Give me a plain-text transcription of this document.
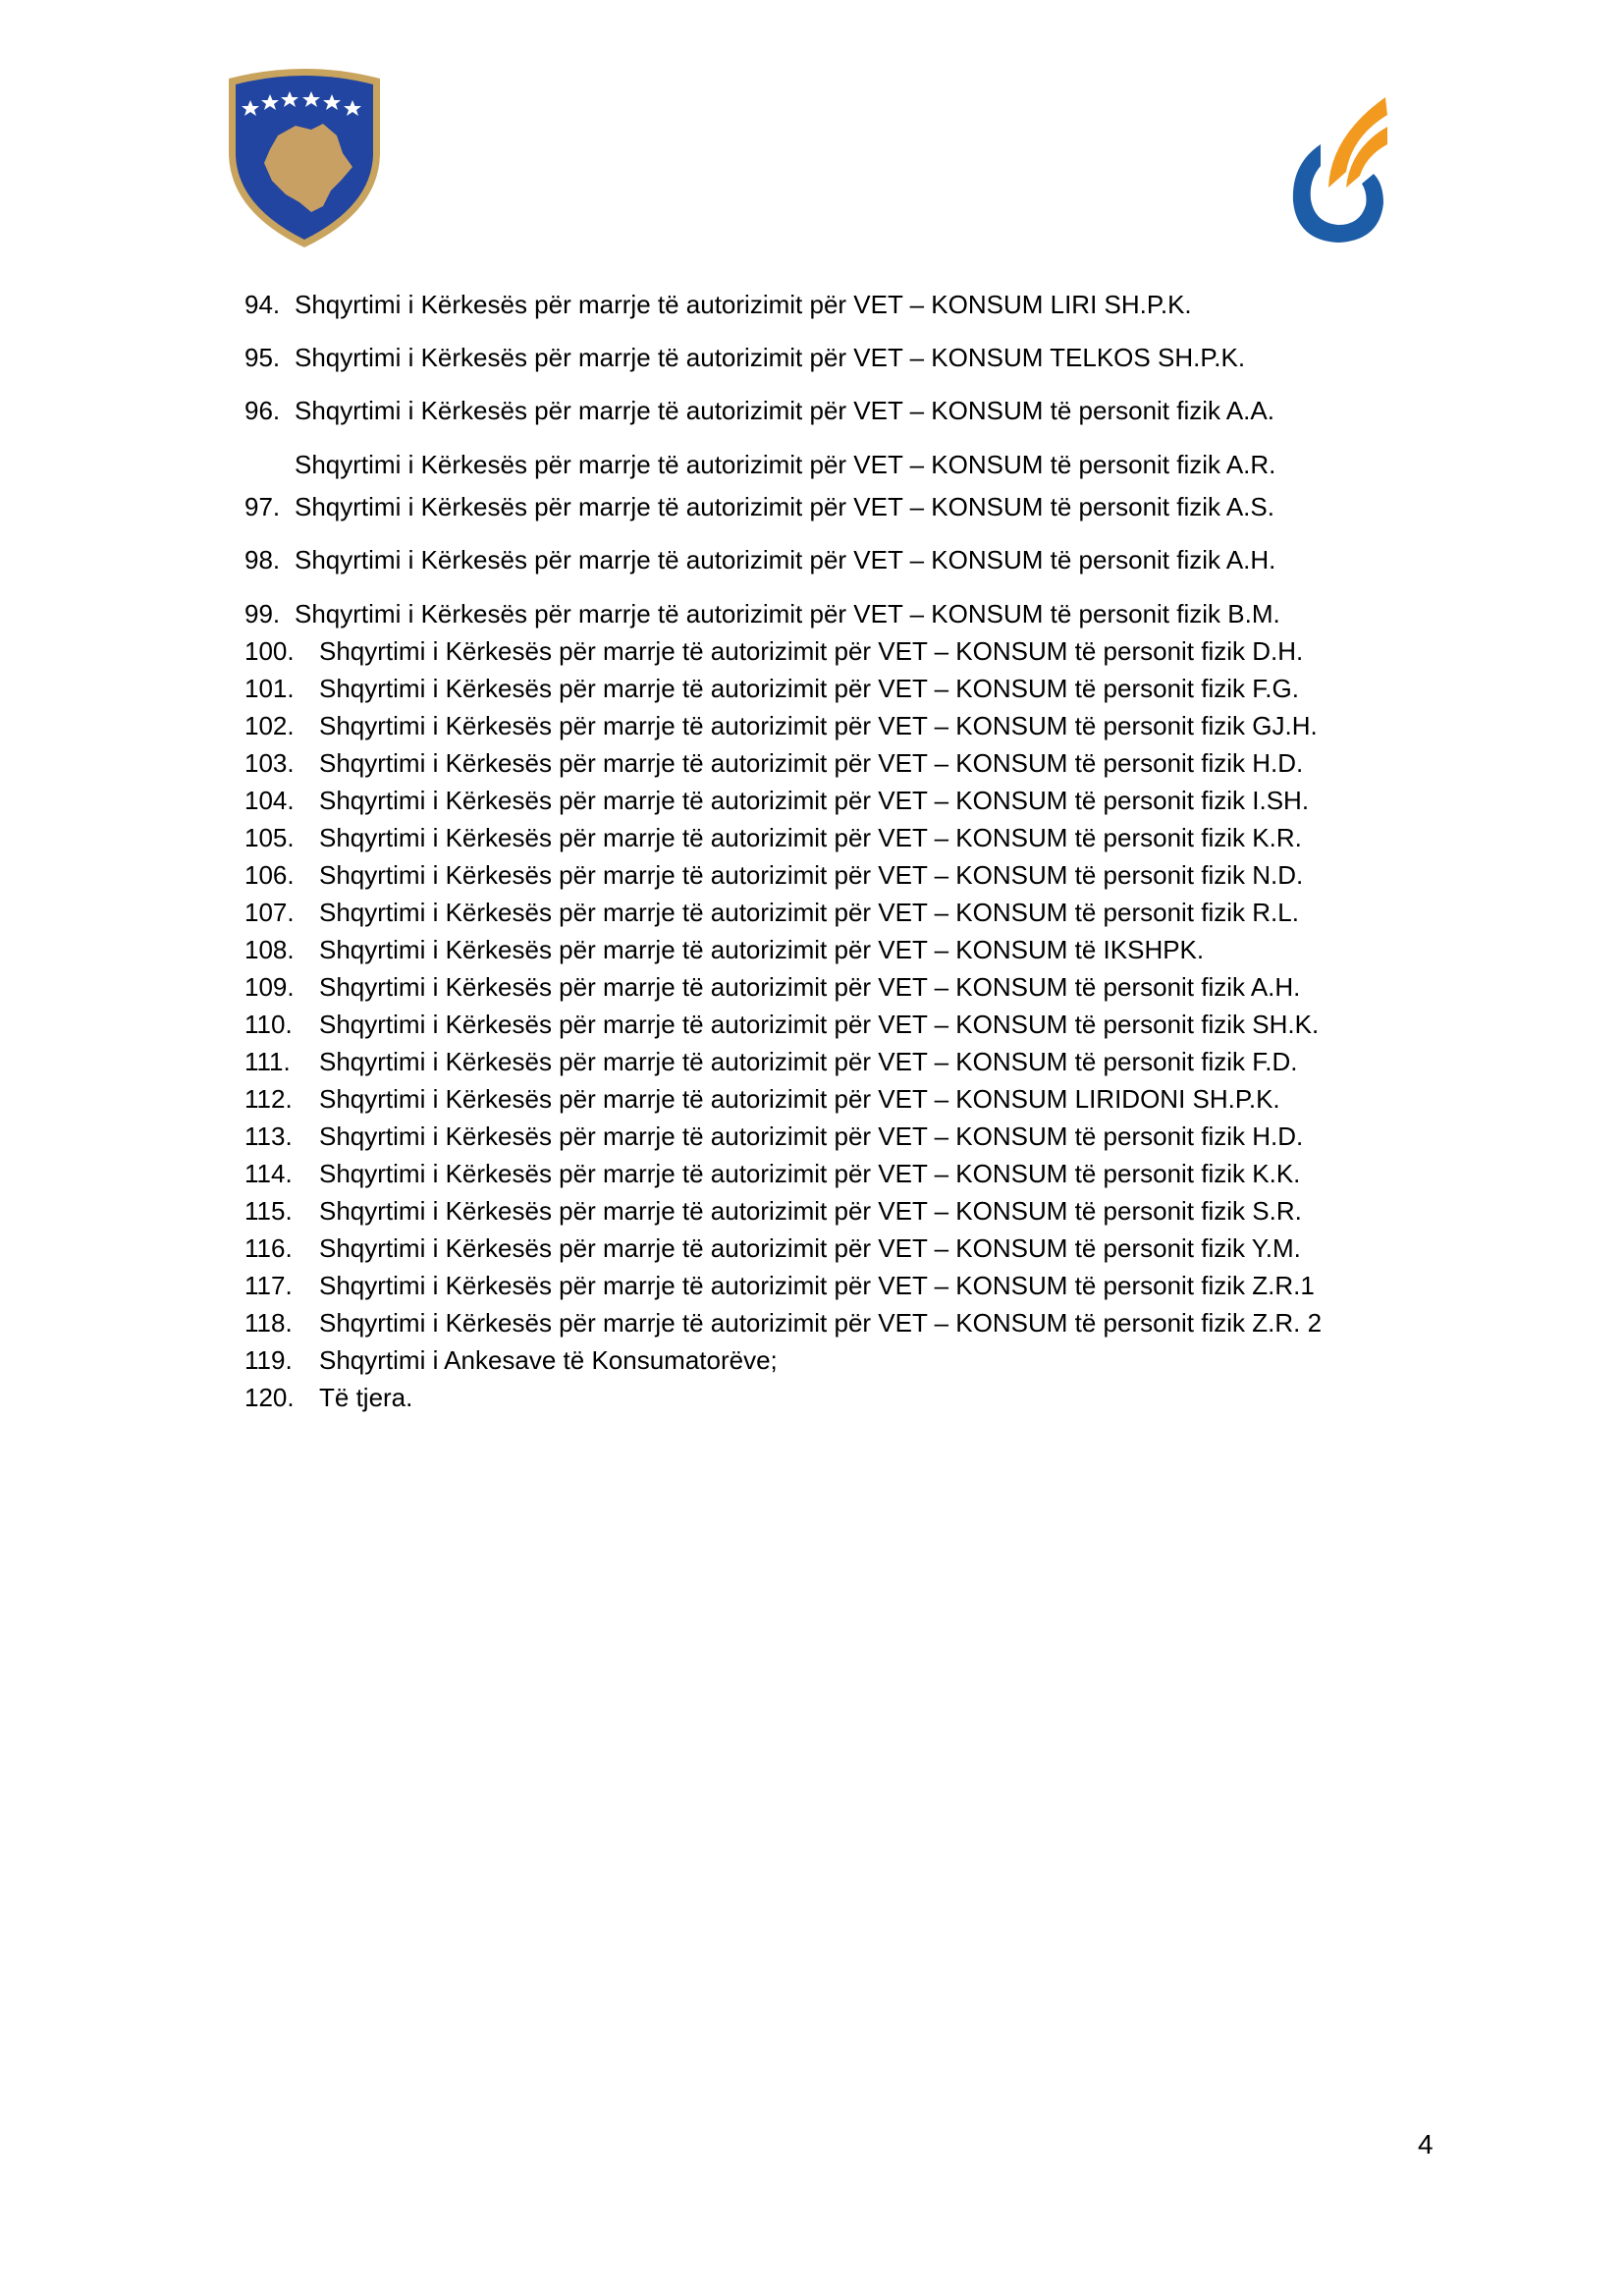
94. Shqyrtimi i Kërkesës për marrje të autorizimit për VET – KONSUM LIRI SH.P.K.
95. Shqyrtimi i Kërkesës për marrje të autorizimit për VET – KONSUM TELKOS SH.P.K.
96. Shqyrtimi i Kërkesës për marrje të autorizimit për VET – KONSUM të personit fizik A.A.
Shqyrtimi i Kërkesës për marrje të autorizimit për VET – KONSUM të personit fizik A.R.
97. Shqyrtimi i Kërkesës për marrje të autorizimit për VET – KONSUM të personit fizik A.S.
98. Shqyrtimi i Kërkesës për marrje të autorizimit për VET – KONSUM të personit fizik A.H.
99. Shqyrtimi i Kërkesës për marrje të autorizimit për VET – KONSUM të personit fizik B.M.
100. Shqyrtimi i Kërkesës për marrje të autorizimit për VET – KONSUM të personit fizik D.H.
101. Shqyrtimi i Kërkesës për marrje të autorizimit për VET – KONSUM të personit fizik F.G.
102. Shqyrtimi i Kërkesës për marrje të autorizimit për VET – KONSUM të personit fizik GJ.H.
103. Shqyrtimi i Kërkesës për marrje të autorizimit për VET – KONSUM të personit fizik H.D.
104. Shqyrtimi i Kërkesës për marrje të autorizimit për VET – KONSUM të personit fizik I.SH.
105. Shqyrtimi i Kërkesës për marrje të autorizimit për VET – KONSUM të personit fizik K.R.
106. Shqyrtimi i Kërkesës për marrje të autorizimit për VET – KONSUM të personit fizik N.D.
107. Shqyrtimi i Kërkesës për marrje të autorizimit për VET – KONSUM të personit fizik R.L.
108. Shqyrtimi i Kërkesës për marrje të autorizimit për VET – KONSUM të IKSHPK.
109. Shqyrtimi i Kërkesës për marrje të autorizimit për VET – KONSUM të personit fizik A.H.
110. Shqyrtimi i Kërkesës për marrje të autorizimit për VET – KONSUM të personit fizik SH.K.
111. Shqyrtimi i Kërkesës për marrje të autorizimit për VET – KONSUM të personit fizik F.D.
112. Shqyrtimi i Kërkesës për marrje të autorizimit për VET – KONSUM LIRIDONI SH.P.K.
113. Shqyrtimi i Kërkesës për marrje të autorizimit për VET – KONSUM të personit fizik H.D.
114. Shqyrtimi i Kërkesës për marrje të autorizimit për VET – KONSUM të personit fizik K.K.
115. Shqyrtimi i Kërkesës për marrje të autorizimit për VET – KONSUM të personit fizik S.R.
116. Shqyrtimi i Kërkesës për marrje të autorizimit për VET – KONSUM të personit fizik Y.M.
117. Shqyrtimi i Kërkesës për marrje të autorizimit për VET – KONSUM të personit fizik Z.R.1
118. Shqyrtimi i Kërkesës për marrje të autorizimit për VET – KONSUM të personit fizik Z.R. 2
119. Shqyrtimi i Ankesave të Konsumatorëve;
120. Të tjera.
4
